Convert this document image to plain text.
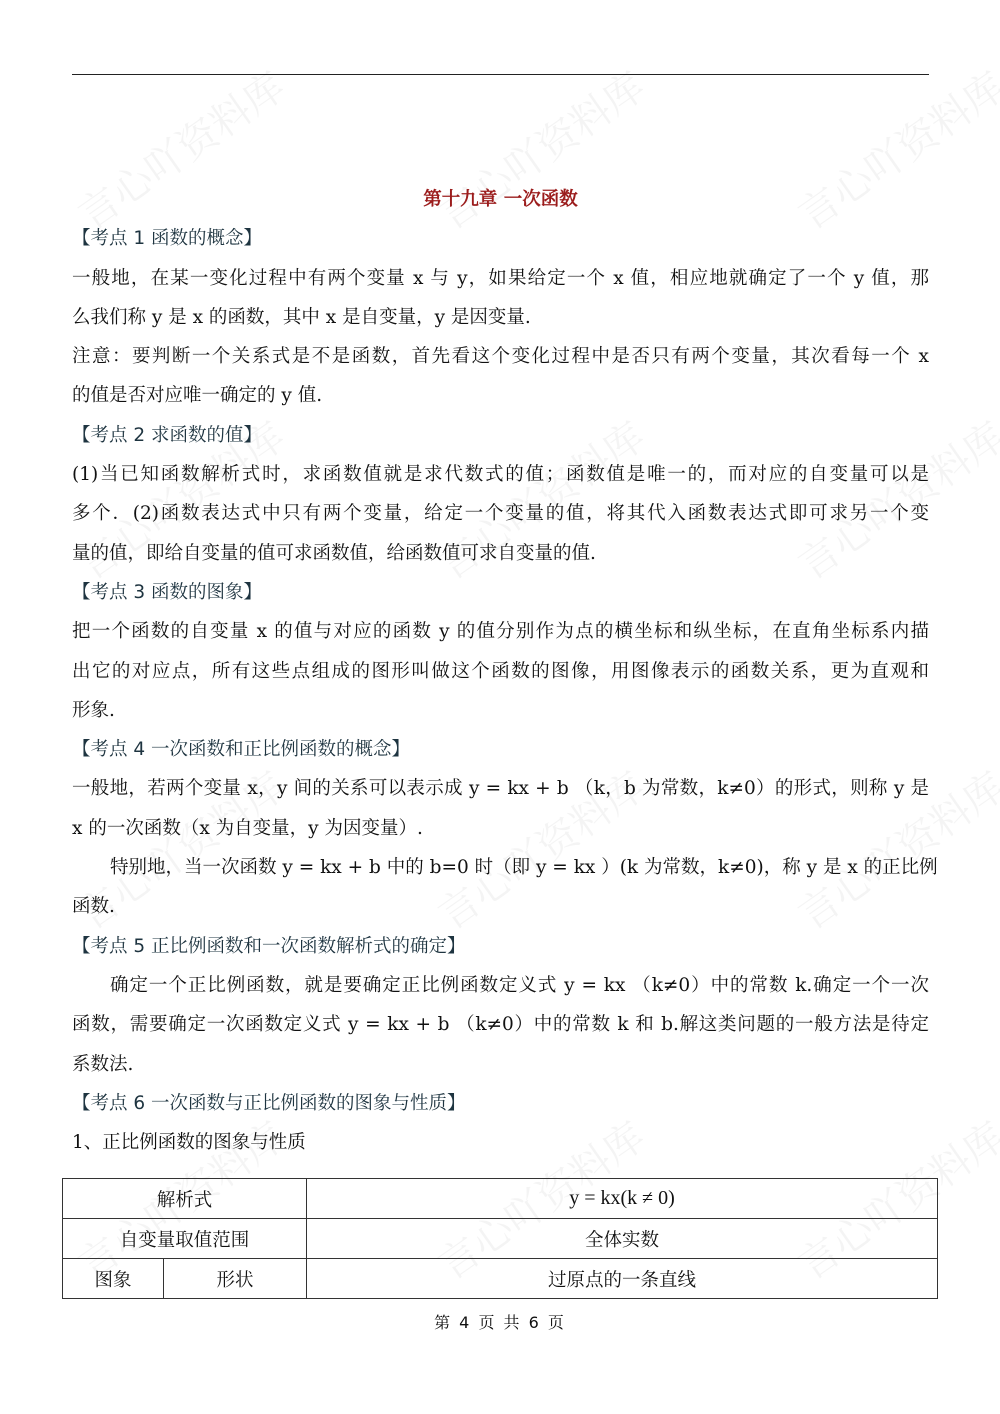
第十九章 一次函数
【考点 1 函数的概念】
一般地，在某一变化过程中有两个变量 x 与 y，如果给定一个 x 值，相应地就确定了一个 y 值，那
么我们称 y 是 x 的函数，其中 x 是自变量，y 是因变量.
注意：要判断一个关系式是不是函数，首先看这个变化过程中是否只有两个变量，其次看每一个 x
的值是否对应唯一确定的 y 值.
【考点 2 求函数的值】
(1)当已知函数解析式时，求函数值就是求代数式的值；函数值是唯一的，而对应的自变量可以是
多个．(2)函数表达式中只有两个变量，给定一个变量的值，将其代入函数表达式即可求另一个变
量的值，即给自变量的值可求函数值，给函数值可求自变量的值.
【考点 3 函数的图象】
把一个函数的自变量 x 的值与对应的函数 y 的值分别作为点的横坐标和纵坐标，在直角坐标系内描
出它的对应点，所有这些点组成的图形叫做这个函数的图像，用图像表示的函数关系，更为直观和
形象.
【考点 4 一次函数和正比例函数的概念】
一般地，若两个变量 x，y 间的关系可以表示成 y = kx + b （k，b 为常数，k≠0）的形式，则称 y 是
x 的一次函数（x 为自变量，y 为因变量）.
特别地，当一次函数 y = kx + b 中的 b=0 时（即 y = kx ）(k 为常数，k≠0)，称 y 是 x 的正比例
函数.
【考点 5 正比例函数和一次函数解析式的确定】
确定一个正比例函数，就是要确定正比例函数定义式 y = kx （k≠0）中的常数 k.确定一个一次
函数，需要确定一次函数定义式 y = kx + b （k≠0）中的常数 k 和 b.解这类问题的一般方法是待定
系数法.
【考点 6 一次函数与正比例函数的图象与性质】
1、正比例函数的图象与性质
解析式		y = kx(k ≠ 0)
自变量取值范围		全体实数
图象	形状	过原点的一条直线
第 4 页 共 6 页
